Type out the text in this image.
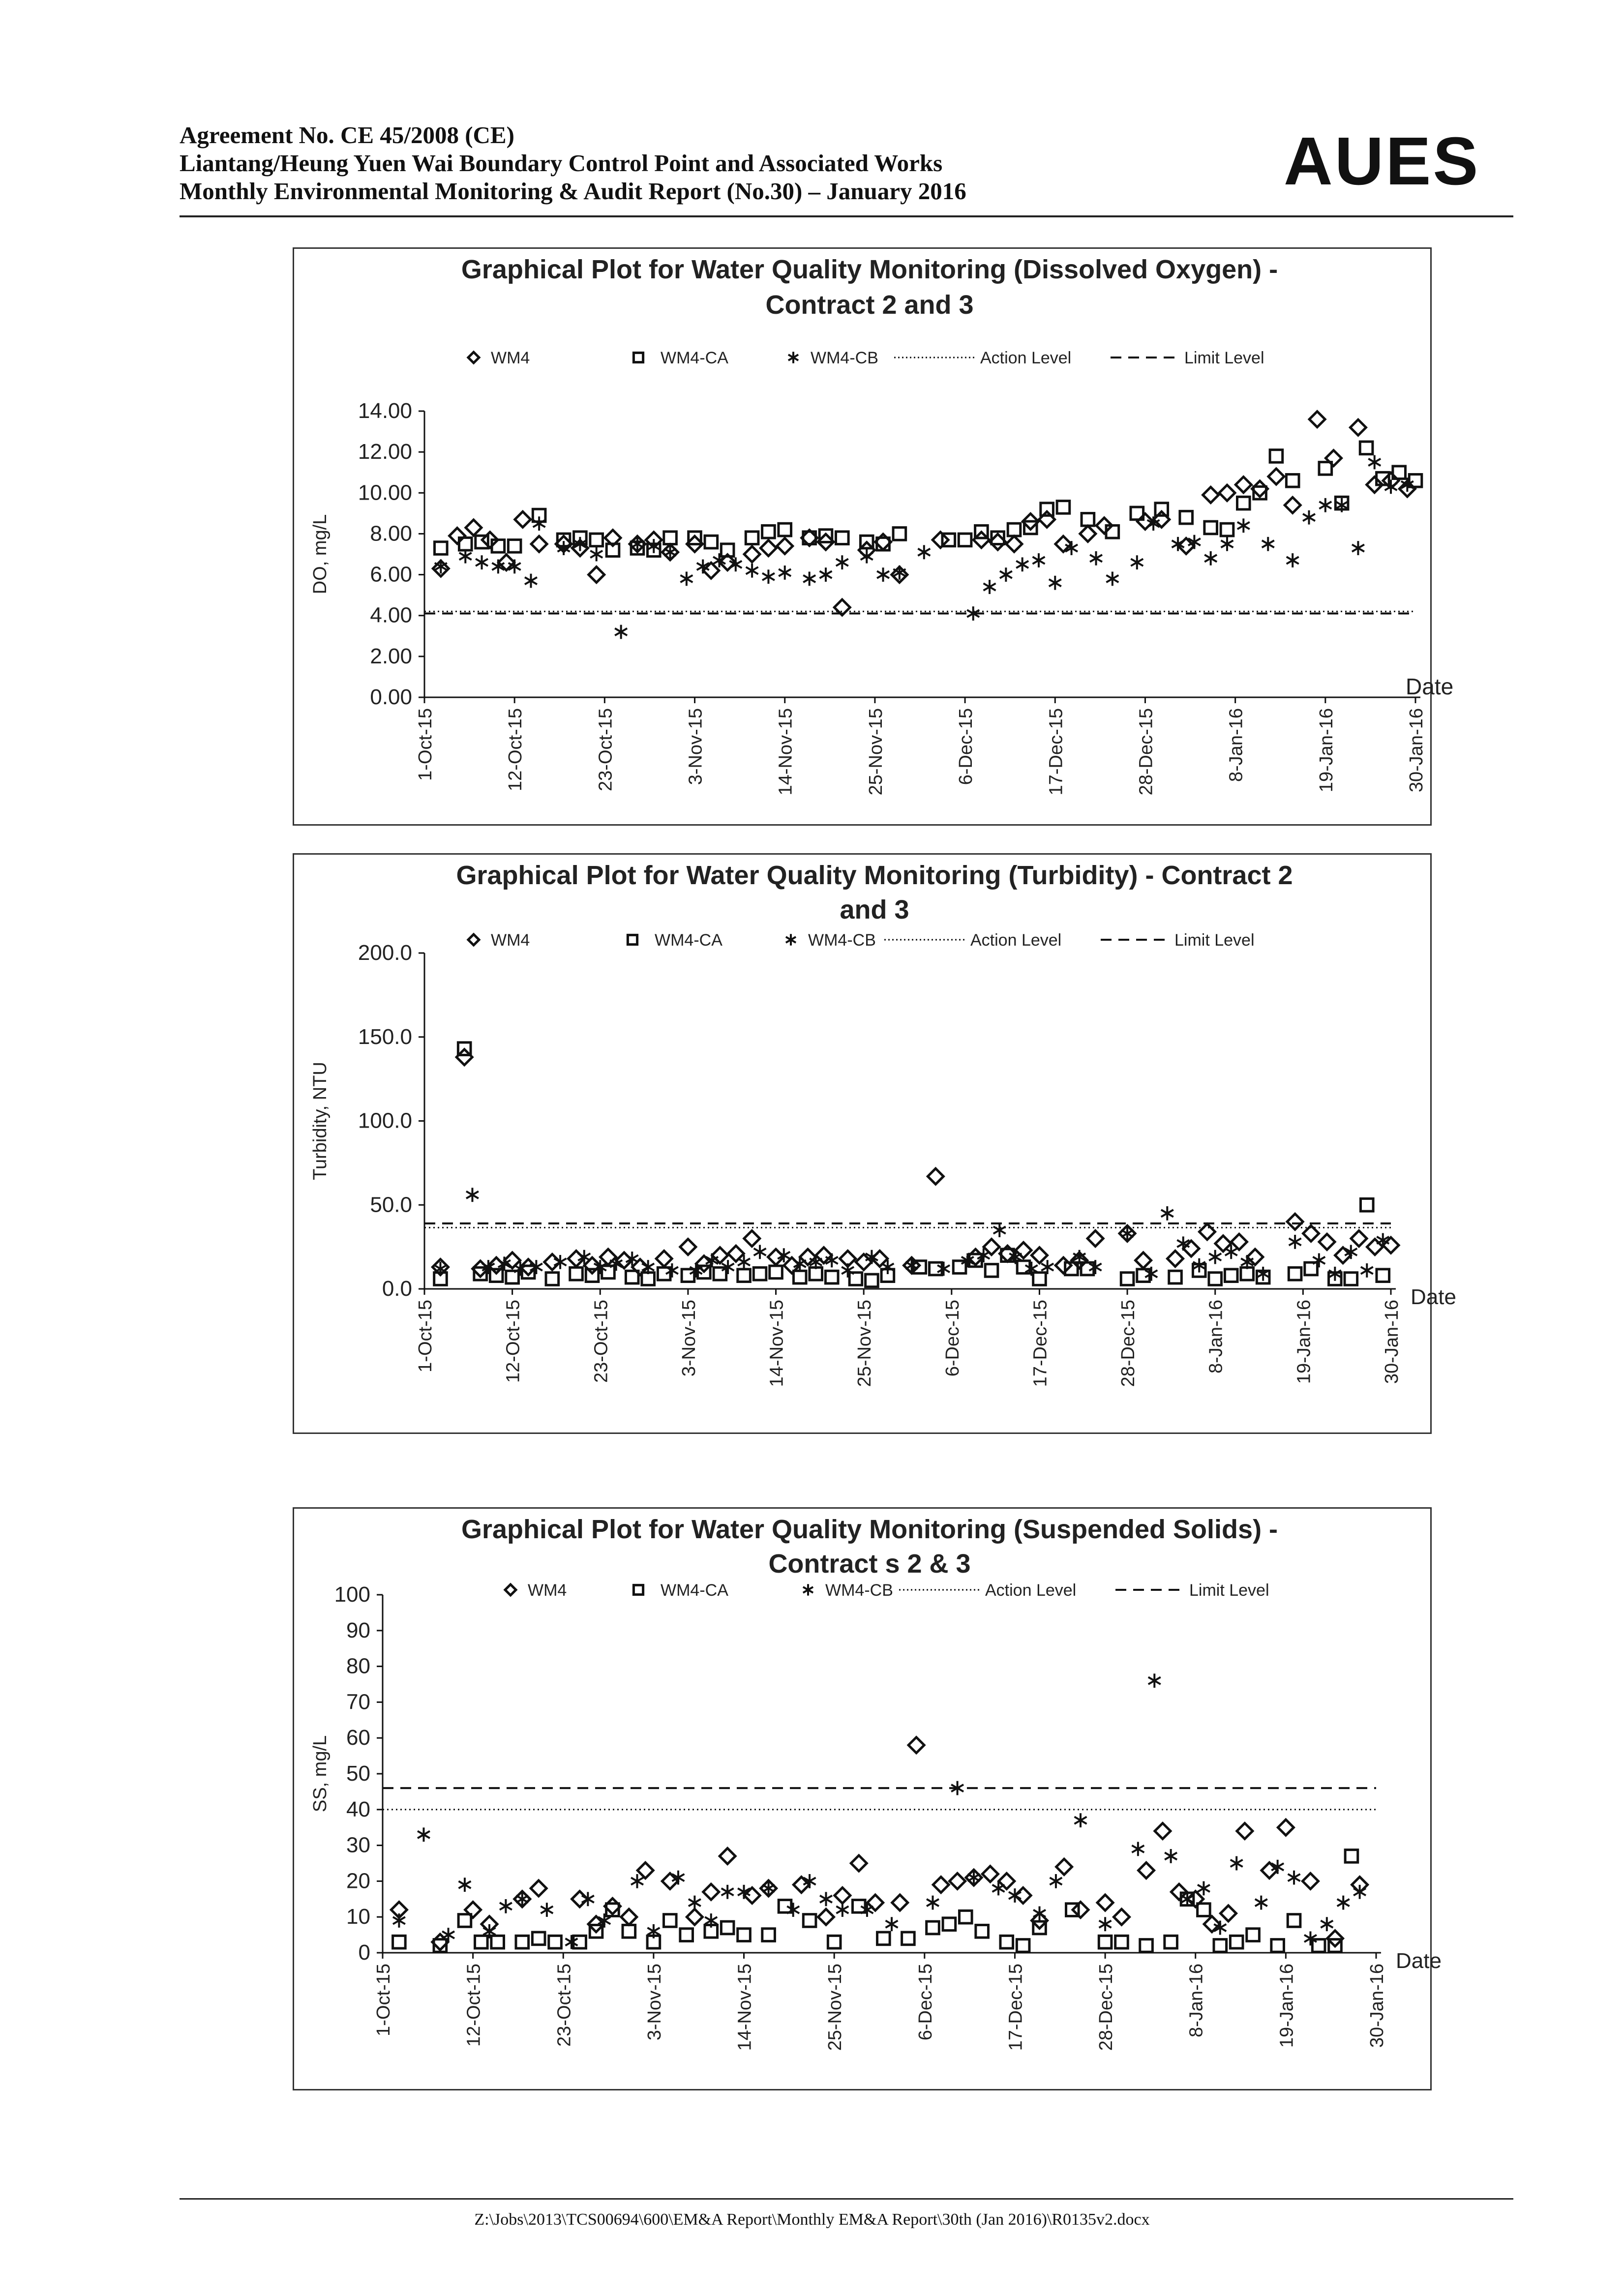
Agreement No. CE 45/2008 (CE)
Liantang/Heung Yuen Wai Boundary Control Point and Associated Works
Monthly Environmental Monitoring & Audit Report (No.30) – January 2016	AUES
Graphical Plot for Water Quality Monitoring (Dissolved Oxygen) -
Contract 2 and 3
WM4	WM4-CA	WM4-CB	Action Level	Limit Level
0.00
2.00
4.00
6.00
8.00
10.00
12.00
14.00
DO, mg/L
1-Oct-15	12-Oct-15	23-Oct-15	3-Nov-15	14-Nov-15	25-Nov-15	6-Dec-15	17-Dec-15	28-Dec-15	8-Jan-16	19-Jan-16	30-Jan-16
Date
Graphical Plot for Water Quality Monitoring (Turbidity) - Contract 2
and 3
WM4	WM4-CA	WM4-CB	Action Level	Limit Level
0.0
50.0
100.0
150.0
200.0
Turbidity, NTU
1-Oct-15	12-Oct-15	23-Oct-15	3-Nov-15	14-Nov-15	25-Nov-15	6-Dec-15	17-Dec-15	28-Dec-15	8-Jan-16	19-Jan-16	30-Jan-16
Date
Graphical Plot for Water Quality Monitoring (Suspended Solids) -
Contract s 2 & 3
WM4	WM4-CA	WM4-CB	Action Level	Limit Level
0
10
20
30
40
50
60
70
80
90
100
SS, mg/L
1-Oct-15	12-Oct-15	23-Oct-15	3-Nov-15	14-Nov-15	25-Nov-15	6-Dec-15	17-Dec-15	28-Dec-15	8-Jan-16	19-Jan-16	30-Jan-16
Date
Z:\Jobs\2013\TCS00694\600\EM&A Report\Monthly EM&A Report\30th (Jan 2016)\R0135v2.docx
